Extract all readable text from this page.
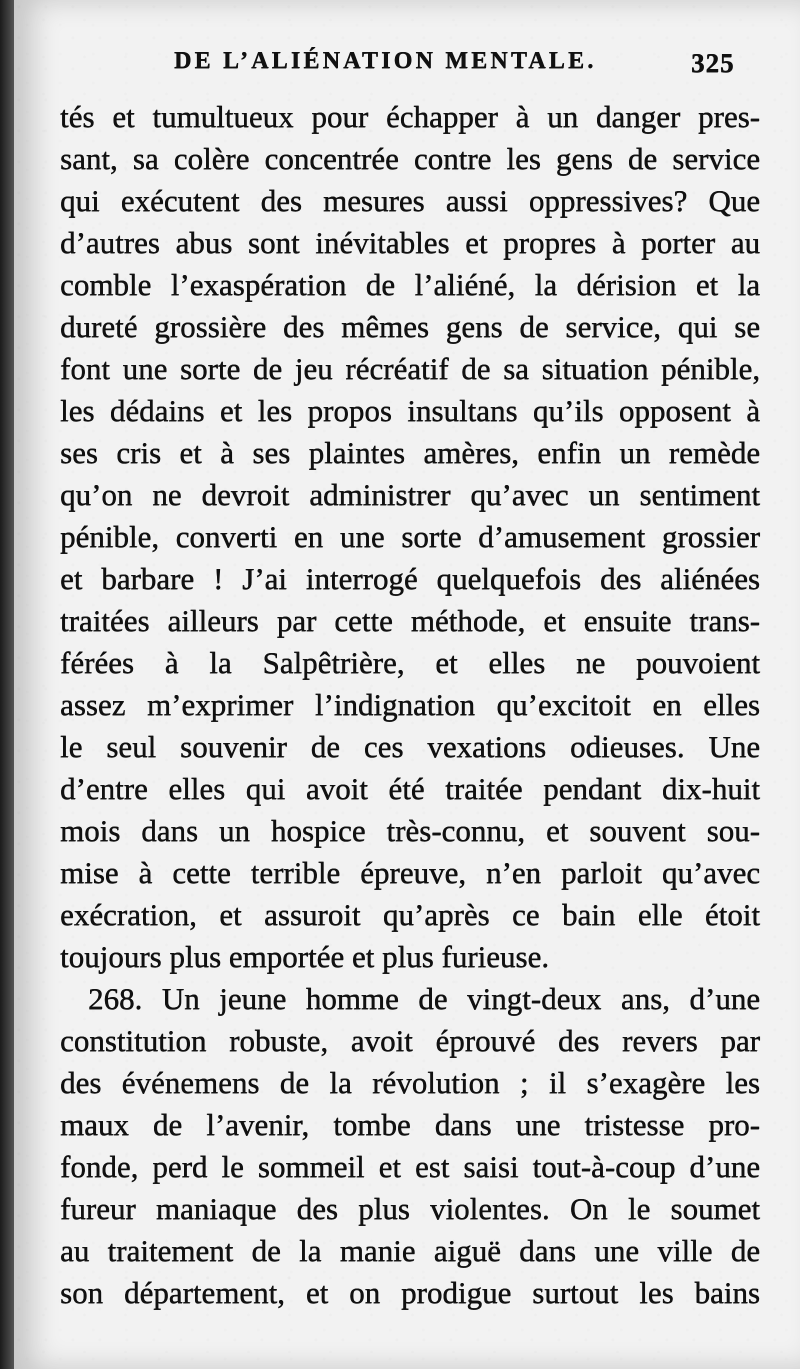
DE L’ALIÉNATION MENTALE.	325
tés et tumultueux pour échapper à un danger pres-
sant, sa colère concentrée contre les gens de service
qui exécutent des mesures aussi oppressives? Que
d’autres abus sont inévitables et propres à porter au
comble l’exaspération de l’aliéné, la dérision et la
dureté grossière des mêmes gens de service, qui se
font une sorte de jeu récréatif de sa situation pénible,
les dédains et les propos insultans qu’ils opposent à
ses cris et à ses plaintes amères, enfin un remède
qu’on ne devroit administrer qu’avec un sentiment
pénible, converti en une sorte d’amusement grossier
et barbare ! J’ai interrogé quelquefois des aliénées
traitées ailleurs par cette méthode, et ensuite trans-
férées à la Salpêtrière, et elles ne pouvoient
assez m’exprimer l’indignation qu’excitoit en elles
le seul souvenir de ces vexations odieuses. Une
d’entre elles qui avoit été traitée pendant dix-huit
mois dans un hospice très-connu, et souvent sou-
mise à cette terrible épreuve, n’en parloit qu’avec
exécration, et assuroit qu’après ce bain elle étoit
toujours plus emportée et plus furieuse.
268. Un jeune homme de vingt-deux ans, d’une
constitution robuste, avoit éprouvé des revers par
des événemens de la révolution ; il s’exagère les
maux de l’avenir, tombe dans une tristesse pro-
fonde, perd le sommeil et est saisi tout-à-coup d’une
fureur maniaque des plus violentes. On le soumet
au traitement de la manie aiguë dans une ville de
son département, et on prodigue surtout les bains
